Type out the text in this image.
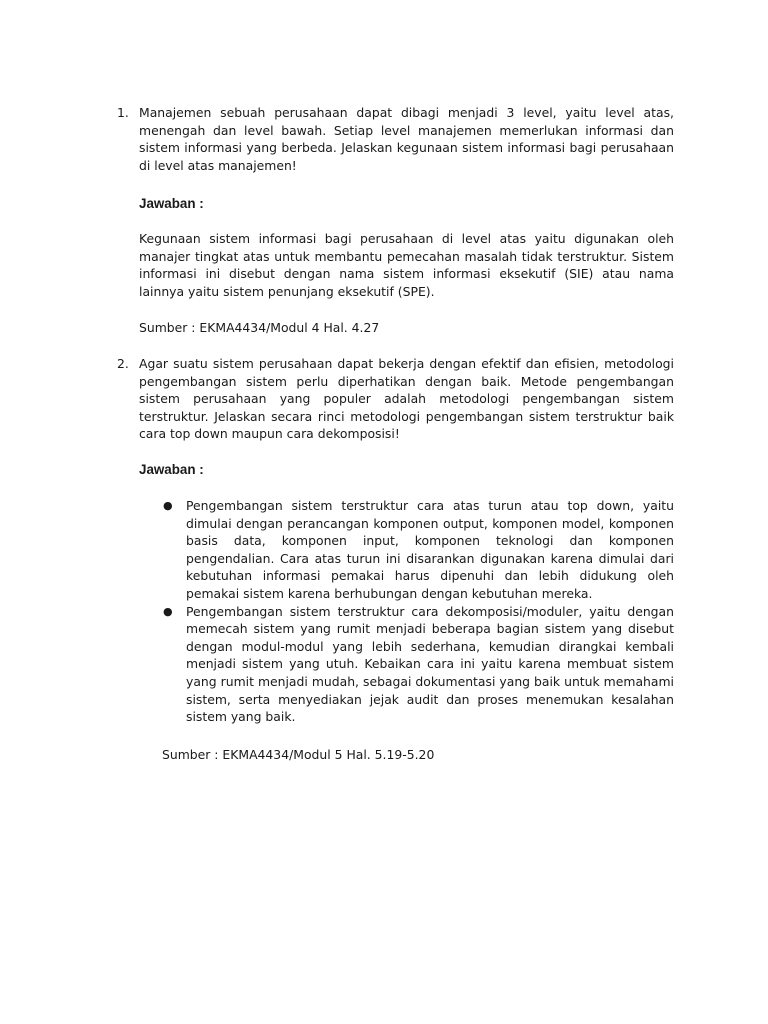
1. Manajemen sebuah perusahaan dapat dibagi menjadi 3 level, yaitu level atas, menengah dan level bawah. Setiap level manajemen memerlukan informasi dan sistem informasi yang berbeda. Jelaskan kegunaan sistem informasi bagi perusahaan di level atas manajemen!
Jawaban :
Kegunaan sistem informasi bagi perusahaan di level atas yaitu digunakan oleh manajer tingkat atas untuk membantu pemecahan masalah tidak terstruktur. Sistem informasi ini disebut dengan nama sistem informasi eksekutif (SIE) atau nama lainnya yaitu sistem penunjang eksekutif (SPE).
Sumber : EKMA4434/Modul 4 Hal. 4.27
2. Agar suatu sistem perusahaan dapat bekerja dengan efektif dan efisien, metodologi pengembangan sistem perlu diperhatikan dengan baik. Metode pengembangan sistem perusahaan yang populer adalah metodologi pengembangan sistem terstruktur. Jelaskan secara rinci metodologi pengembangan sistem terstruktur baik cara top down maupun cara dekomposisi!
Jawaban :
● Pengembangan sistem terstruktur cara atas turun atau top down, yaitu dimulai dengan perancangan komponen output, komponen model, komponen basis data, komponen input, komponen teknologi dan komponen pengendalian. Cara atas turun ini disarankan digunakan karena dimulai dari kebutuhan informasi pemakai harus dipenuhi dan lebih didukung oleh pemakai sistem karena berhubungan dengan kebutuhan mereka.
● Pengembangan sistem terstruktur cara dekomposisi/moduler, yaitu dengan memecah sistem yang rumit menjadi beberapa bagian sistem yang disebut dengan modul-modul yang lebih sederhana, kemudian dirangkai kembali menjadi sistem yang utuh. Kebaikan cara ini yaitu karena membuat sistem yang rumit menjadi mudah, sebagai dokumentasi yang baik untuk memahami sistem, serta menyediakan jejak audit dan proses menemukan kesalahan sistem yang baik.
Sumber : EKMA4434/Modul 5 Hal. 5.19-5.20
